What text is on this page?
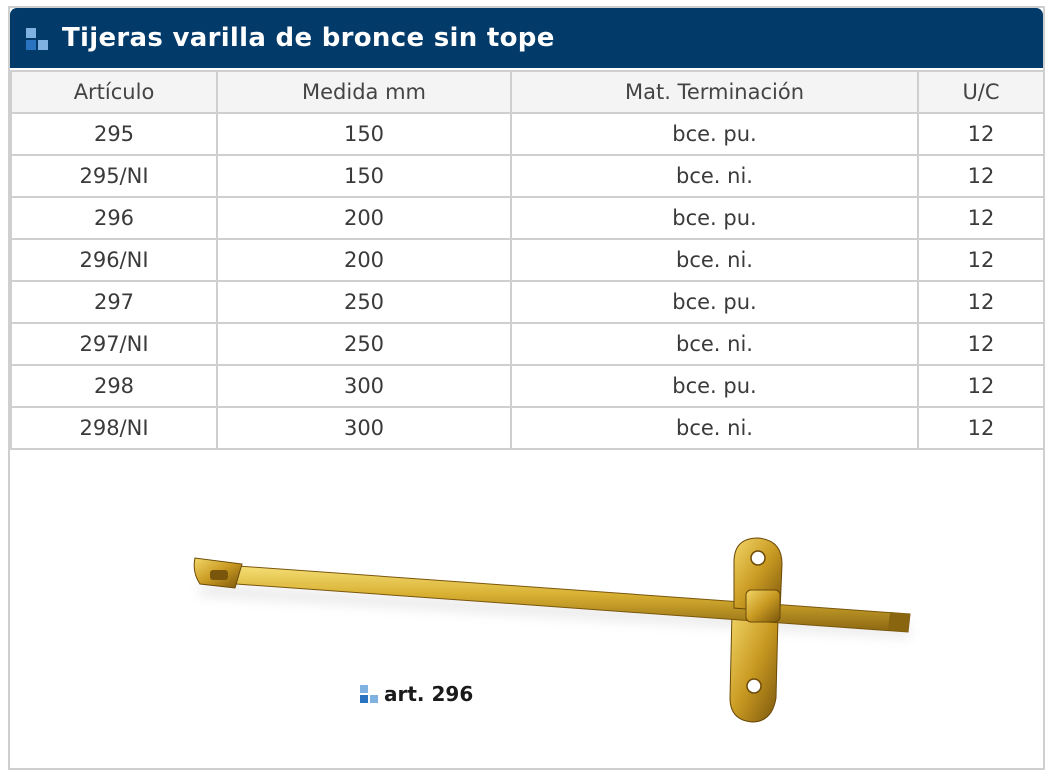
Tijeras varilla de bronce sin tope
Artículo	Medida mm	Mat. Terminación	U/C
295	150	bce. pu.	12
295/NI	150	bce. ni.	12
296	200	bce. pu.	12
296/NI	200	bce. ni.	12
297	250	bce. pu.	12
297/NI	250	bce. ni.	12
298	300	bce. pu.	12
298/NI	300	bce. ni.	12
art. 296
